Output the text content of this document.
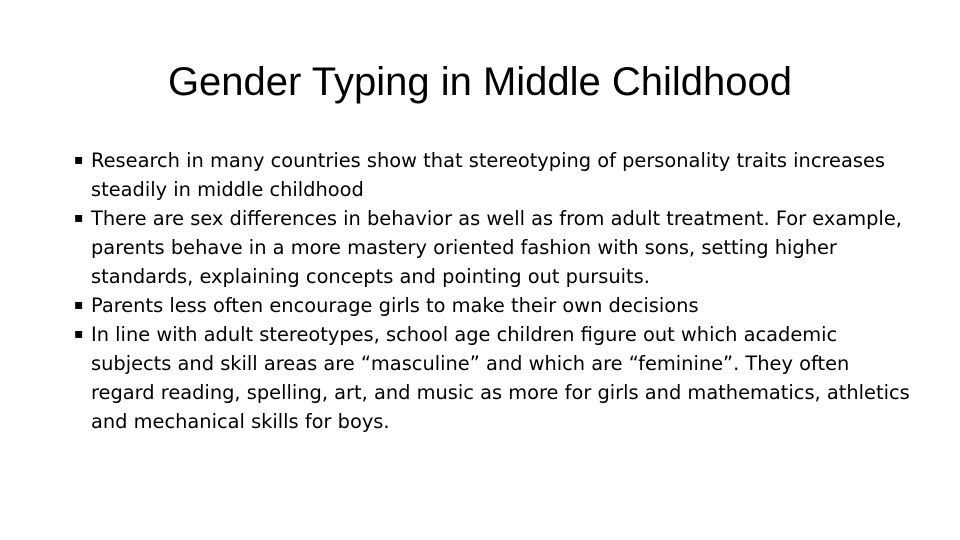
Gender Typing in Middle Childhood
▪ Research in many countries show that stereotyping of personality traits increases steadily in middle childhood
▪ There are sex differences in behavior as well as from adult treatment. For example, parents behave in a more mastery oriented fashion with sons, setting higher standards, explaining concepts and pointing out pursuits.
▪ Parents less often encourage girls to make their own decisions
▪ In line with adult stereotypes, school age children figure out which academic subjects and skill areas are “masculine” and which are “feminine”. They often regard reading, spelling, art, and music as more for girls and mathematics, athletics and mechanical skills for boys.
